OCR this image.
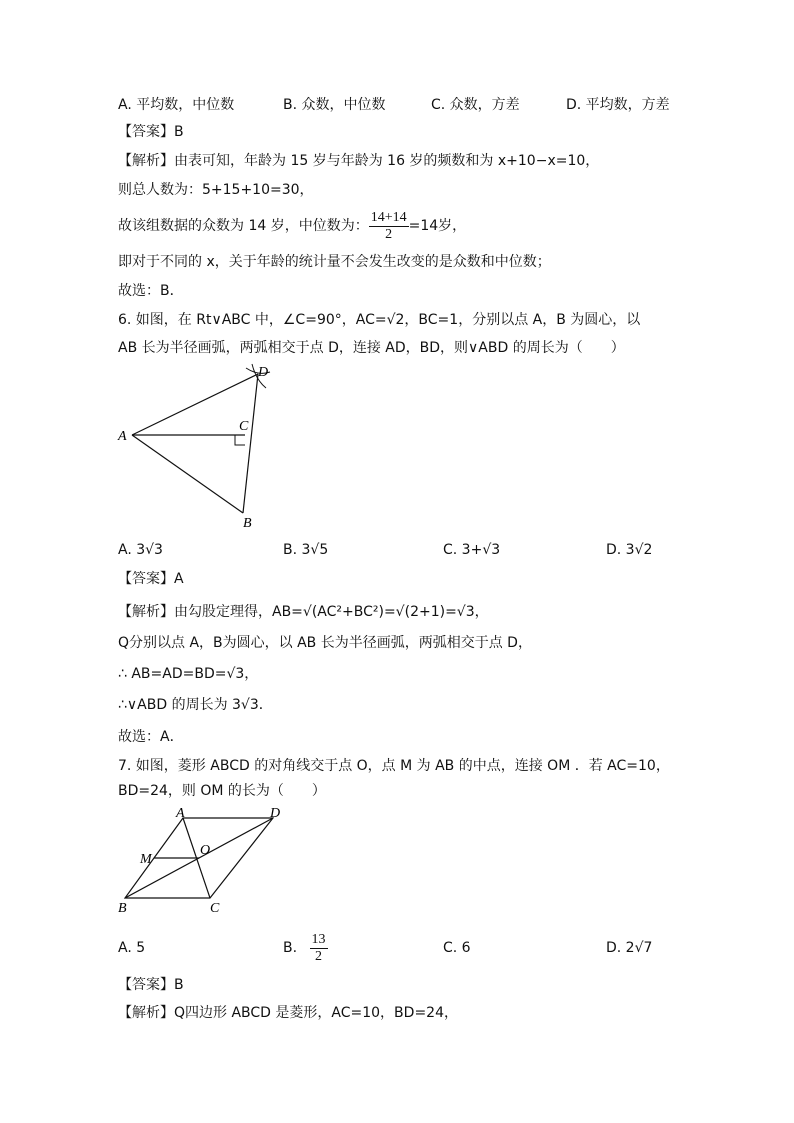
A. 平均数，中位数	B. 众数，中位数	C. 众数，方差	D. 平均数，方差
【答案】B
【解析】由表可知，年龄为 15 岁与年龄为 16 岁的频数和为 x+10−x=10，
则总人数为：5+15+10=30，
故该组数据的众数为 14 岁，中位数为： $\frac{14+14}{2} =14$岁，
即对于不同的 x，关于年龄的统计量不会发生改变的是众数和中位数；
故选：B．
6. 如图，在 Rt∨ABC 中，∠C=90°，AC=√2，BC=1，分别以点 A，B 为圆心，以
AB 长为半径画弧，两弧相交于点 D，连接 AD，BD，则∨ABD 的周长为（　　）
D
A
C
B
A. 3√3	B. 3√5	C. 3+√3	D. 3√2
【答案】A
【解析】由勾股定理得，AB=√(AC²+BC²)=√(2+1)=√3，
Q分别以点 A，B为圆心，以 AB 长为半径画弧，两弧相交于点 D，
∴ AB=AD=BD=√3，
∴∨ABD 的周长为 3√3．
故选：A．
7. 如图，菱形 ABCD 的对角线交于点 O，点 M 为 AB 的中点，连接 OM ．若 AC=10，
BD=24，则 OM 的长为（　　）
A	D
M
O
B	C
A. 5	B. $\frac{13}{2}$	C. 6	D. 2√7
【答案】B
【解析】Q四边形 ABCD 是菱形，AC=10，BD=24，
